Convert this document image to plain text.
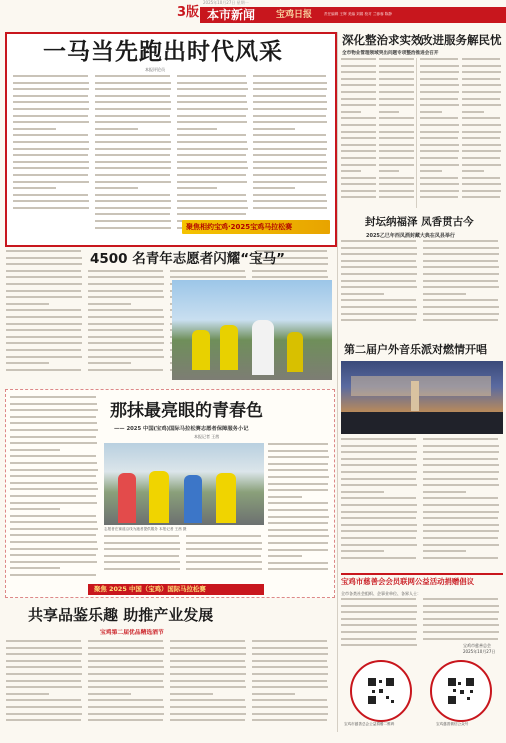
3版
2025年10月27日 星期一
本市新闻 宝鸡日报	责任编辑 王辉 美编 刘娟 校对 兰蓉蓉 陈静
一马当先跑出时代风采
本报评论员
聚焦相约宝鸡·2025宝鸡马拉松赛
深化整治求实效
改进服务解民忧
全市物业管理领域突出问题专项整治推进会召开
封坛纳福泽 凤香贯古今
2025乙巳年西凤酒封藏大典在凤县举行
第二届户外音乐派对燃情开唱
宝鸡市慈善会会员联网公益活动捐赠倡议
全市各类社会组织、企事业单位、各界人士：
宝鸡市慈善总会
2025年10月27日
宝鸡市慈善总会公益捐赠二维码	宝鸡慈善微信公众号
4500 名青年志愿者闪耀“宝马”
那抹最亮眼的青春色
—— 2025 中国(宝鸡)国际马拉松赛志愿者保障服务小记
本报记者 王茜
志愿者在赛道沿线为跑者提供服务 本报记者 王茜 摄
聚焦 2025 中国（宝鸡）国际马拉松赛
共享品鉴乐趣 助推产业发展
宝鸡第二届优品精选酒节
